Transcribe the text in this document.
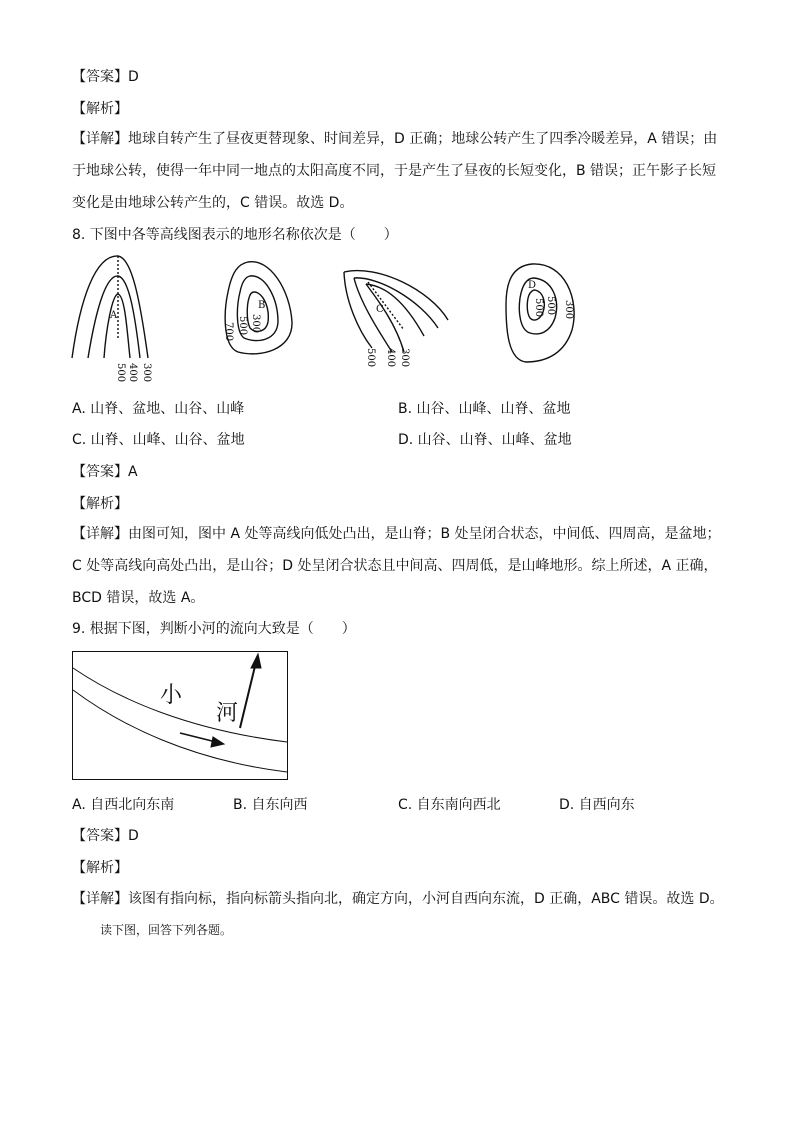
【答案】D
【解析】
【详解】地球自转产生了昼夜更替现象、时间差异，D 正确；地球公转产生了四季冷暖差异，A 错误；由于地球公转，使得一年中同一地点的太阳高度不同，于是产生了昼夜的长短变化，B 错误；正午影子长短变化是由地球公转产生的，C 错误。故选 D。
8. 下图中各等高线图表示的地形名称依次是（　　）
A
500 400 300
B
700 500 300
C
500 400 300
D
500 500 300
A. 山脊、盆地、山谷、山峰	B. 山谷、山峰、山脊、盆地
C. 山脊、山峰、山谷、盆地	D. 山谷、山脊、山峰、盆地
【答案】A
【解析】
【详解】由图可知，图中 A 处等高线向低处凸出，是山脊；B 处呈闭合状态，中间低、四周高，是盆地；C 处等高线向高处凸出，是山谷；D 处呈闭合状态且中间高、四周低，是山峰地形。综上所述，A 正确，BCD 错误，故选 A。
9. 根据下图，判断小河的流向大致是（　　）
小
河
A. 自西北向东南	B. 自东向西	C. 自东南向西北	D. 自西向东
【答案】D
【解析】
【详解】该图有指向标，指向标箭头指向北，确定方向，小河自西向东流，D 正确，ABC 错误。故选 D。
读下图，回答下列各题。
